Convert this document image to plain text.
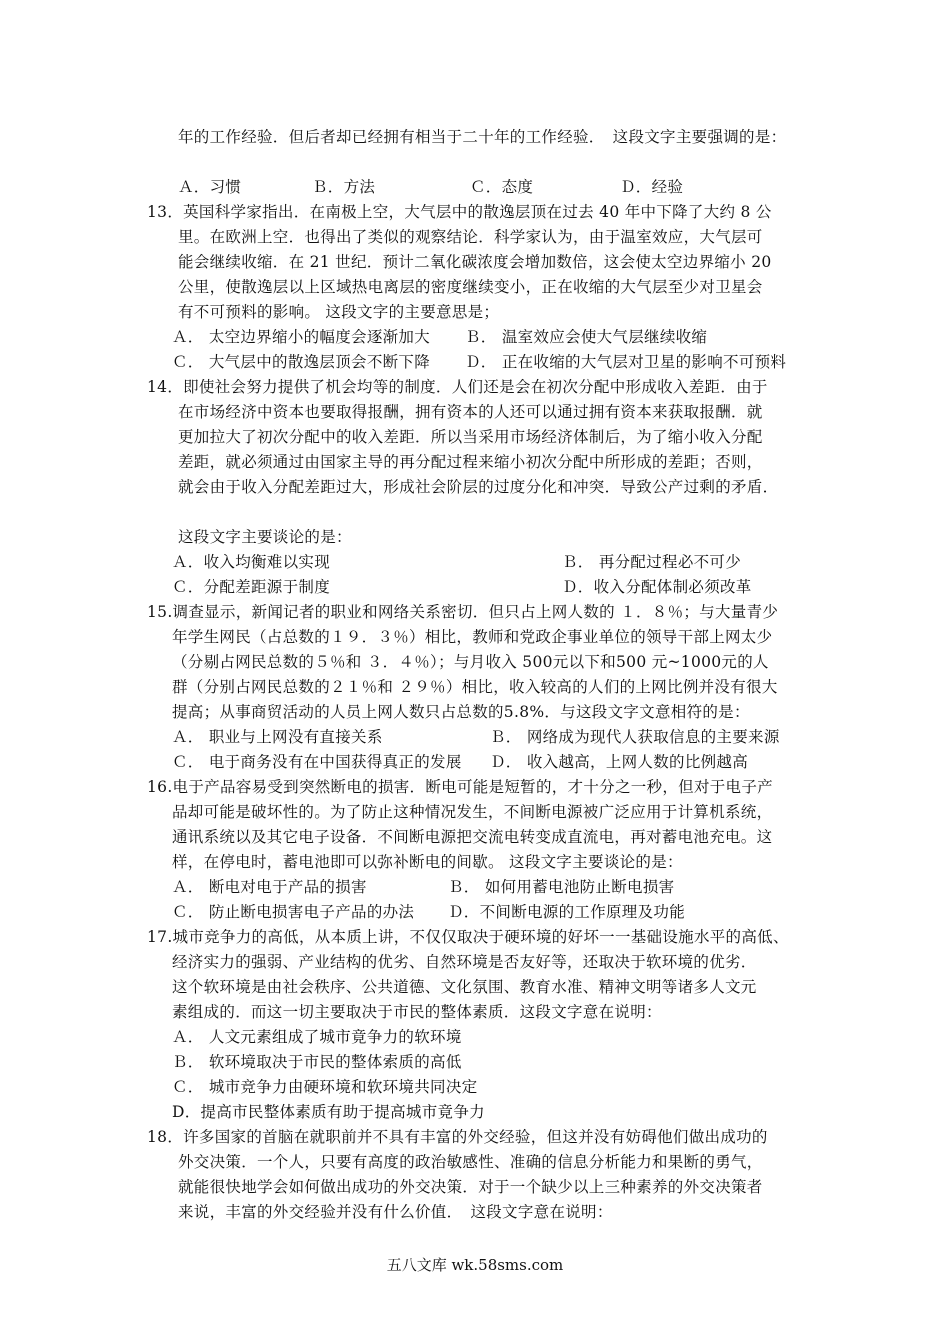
年的工作经验．但后者却已经拥有相当于二十年的工作经验．　这段文字主要强调的是：
Ａ．习惯	Ｂ．方法	Ｃ．态度	Ｄ．经验
13．英国科学家指出．在南极上空，大气层中的散逸层顶在过去 40 年中下降了大约 8 公
里。在欧洲上空．也得出了类似的观察结论．科学家认为，由于温室效应，大气层可
能会继续收缩．在 21 世纪．预计二氧化碳浓度会增加数倍，这会使太空边界缩小 20
公里，使散逸层以上区域热电离层的密度继续变小，正在收缩的大气层至少对卫星会
有不可预料的影响。 这段文字的主要意思是；
Ａ． 太空边界缩小的幅度会逐渐加大 Ｂ． 温室效应会使大气层继续收缩
Ｃ． 大气层中的散逸层顶会不断下降 Ｄ． 正在收缩的大气层对卫星的影响不可预料
14．即使社会努力提供了机会均等的制度．人们还是会在初次分配中形成收入差距．由于
在市场经济中资本也要取得报酬，拥有资本的人还可以通过拥有资本来获取报酬．就
更加拉大了初次分配中的收入差距．所以当采用市场经济体制后，为了缩小收入分配
差距，就必须通过由国家主导的再分配过程来缩小初次分配中所形成的差距；否则，
就会由于收入分配差距过大，形成社会阶层的过度分化和冲突．导致公产过剩的矛盾．
这段文字主要谈论的是：
Ａ．收入均衡难以实现	Ｂ． 再分配过程必不可少
Ｃ．分配差距源于制度	Ｄ．收入分配体制必须改革
15.调查显示，新闻记者的职业和网络关系密切．但只占上网人数的 １．８％；与大量青少
年学生网民（占总数的１９．３％）相比，教师和党政企事业单位的领导干部上网太少
（分剔占网民总数的５％和 ３．４％）；与月收入 500元以下和500 元~1000元的人
群（分别占网民总数的２１％和 ２９％）相比，收入较高的人们的上网比例并没有很大
提高；从事商贸活动的人员上网人数只占总数的5.8%．与这段文字文意相符的是：
Ａ． 职业与上网没有直接关系	Ｂ． 网络成为现代人获取信息的主要来源
Ｃ． 电于商务没有在中国获得真正的发展 Ｄ． 收入越高，上网人数的比例越高
16.电于产品容易受到突然断电的损害．断电可能是短暂的，才十分之一秒，但对于电子产
品却可能是破坏性的。为了防止这种情况发生，不间断电源被广泛应用于计算机系统，
通讯系统以及其它电子设备．不间断电源把交流电转变成直流电，再对蓄电池充电。这
样，在停电时，蓄电池即可以弥补断电的间歇。 这段文字主要谈论的是：
Ａ． 断电对电于产品的损害	Ｂ． 如何用蓄电池防止断电损害
Ｃ． 防止断电损害电子产品的办法 Ｄ．不间断电源的工作原理及功能
17.城市竞争力的高低，从本质上讲，不仅仅取决于硬环境的好坏一一基础设施水平的高低、
经济实力的强弱、产业结构的优劣、自然环境是否友好等，还取决于软环境的优劣．
这个软环境是由社会秩序、公共道德、文化氛围、教育水准、精神文明等诸多人文元
素组成的．而这一切主要取决于市民的整体素质．这段文字意在说明：
Ａ． 人文元素组成了城市竟争力的软环境
Ｂ． 软环境取决于市民的整体索质的高低
Ｃ． 城市竞争力由硬环境和软环境共同决定
D．提高市民整体素质有助于提高城市竟争力
18．许多国家的首脑在就职前并不具有丰富的外交经验，但这并没有妨碍他们做出成功的
外交决策．一个人，只要有高度的政治敏感性、准确的信息分析能力和果断的勇气，
就能很快地学会如何做出成功的外交决策．对于一个缺少以上三种素养的外交决策者
来说，丰富的外交经验并没有什么价值．　这段文字意在说明：
五八文库 wk.58sms.com
